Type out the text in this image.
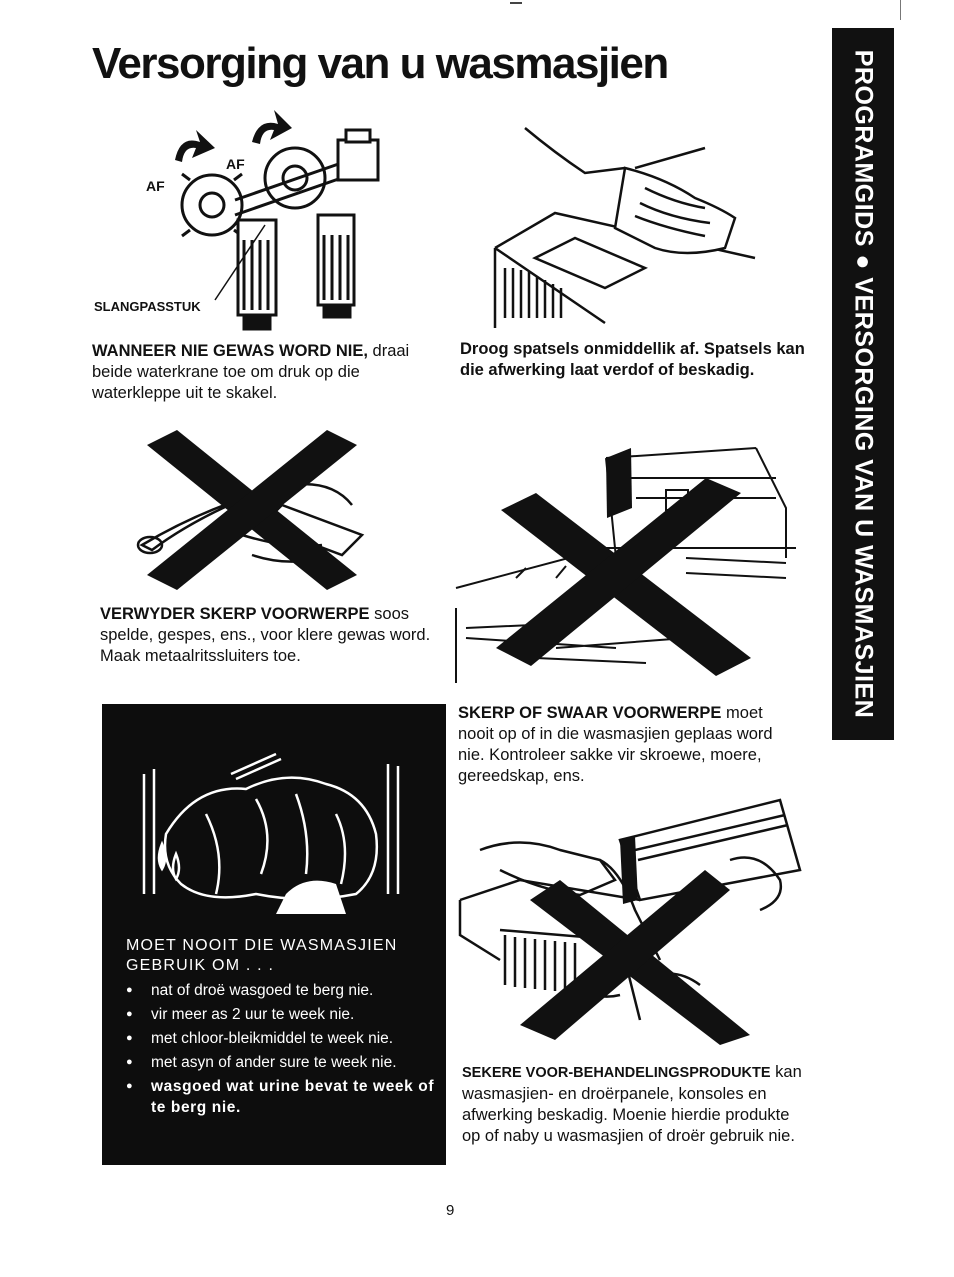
Versorging van u wasmasjien	PROGRAMGIDS ● VERSORGING VAN U WASMASJIEN
AF
AF
SLANGPASSTUK
WANNEER NIE GEWAS WORD NIE, draai beide waterkrane toe om druk op die waterkleppe uit te skakel.
Droog spatsels onmiddellik af. Spatsels kan die afwerking laat verdof of beskadig.
VERWYDER SKERP VOORWERPE soos spelde, gespes, ens., voor klere gewas word. Maak metaalritssluiters toe.
SKERP OF SWAAR VOORWERPE moet nooit op of in die wasmasjien geplaas word nie. Kontroleer sakke vir skroewe, moere, gereedskap, ens.
MOET NOOIT DIE WASMASJIEN GEBRUIK OM . . .
● nat of droë wasgoed te berg nie.
● vir meer as 2 uur te week nie.
● met chloor-bleikmiddel te week nie.
● met asyn of ander sure te week nie.
● wasgoed wat urine bevat te week of te berg nie.
SEKERE VOOR-BEHANDELINGSPRODUKTE kan wasmasjien- en droërpanele, konsoles en afwerking beskadig. Moenie hierdie produkte op of naby u wasmasjien of droër gebruik nie.
9
